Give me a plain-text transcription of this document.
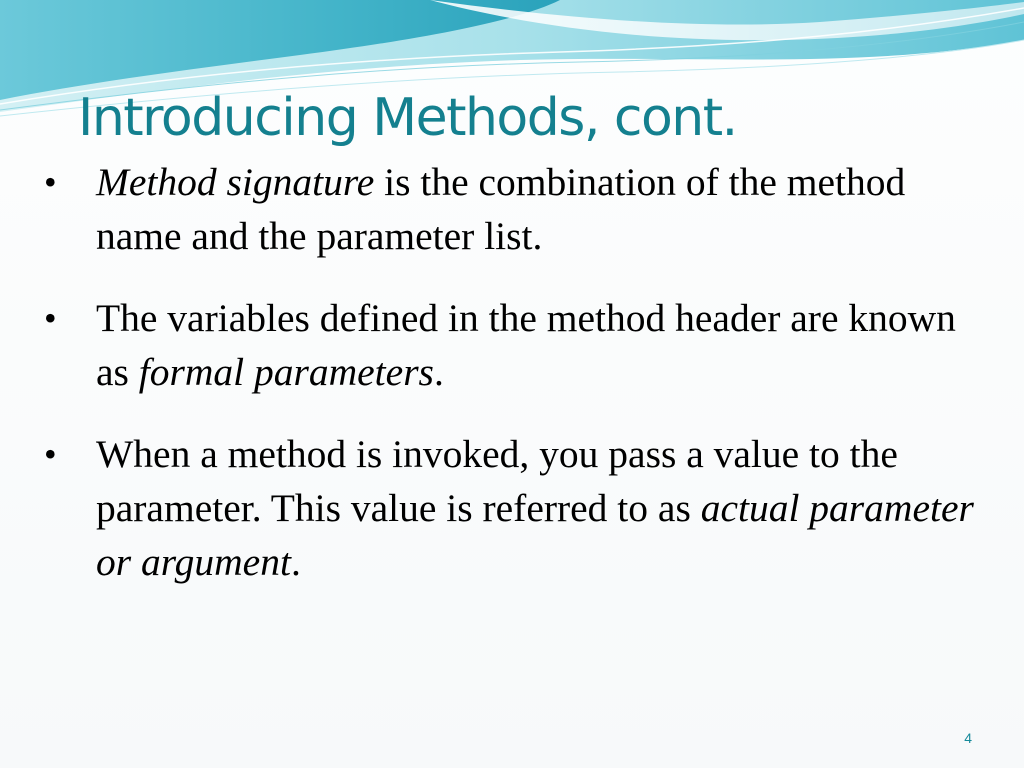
Introducing Methods, cont.
• Method signature is the combination of the method name and the parameter list.
• The variables defined in the method header are known as formal parameters.
• When a method is invoked, you pass a value to the parameter. This value is referred to as actual parameter or argument.
4
